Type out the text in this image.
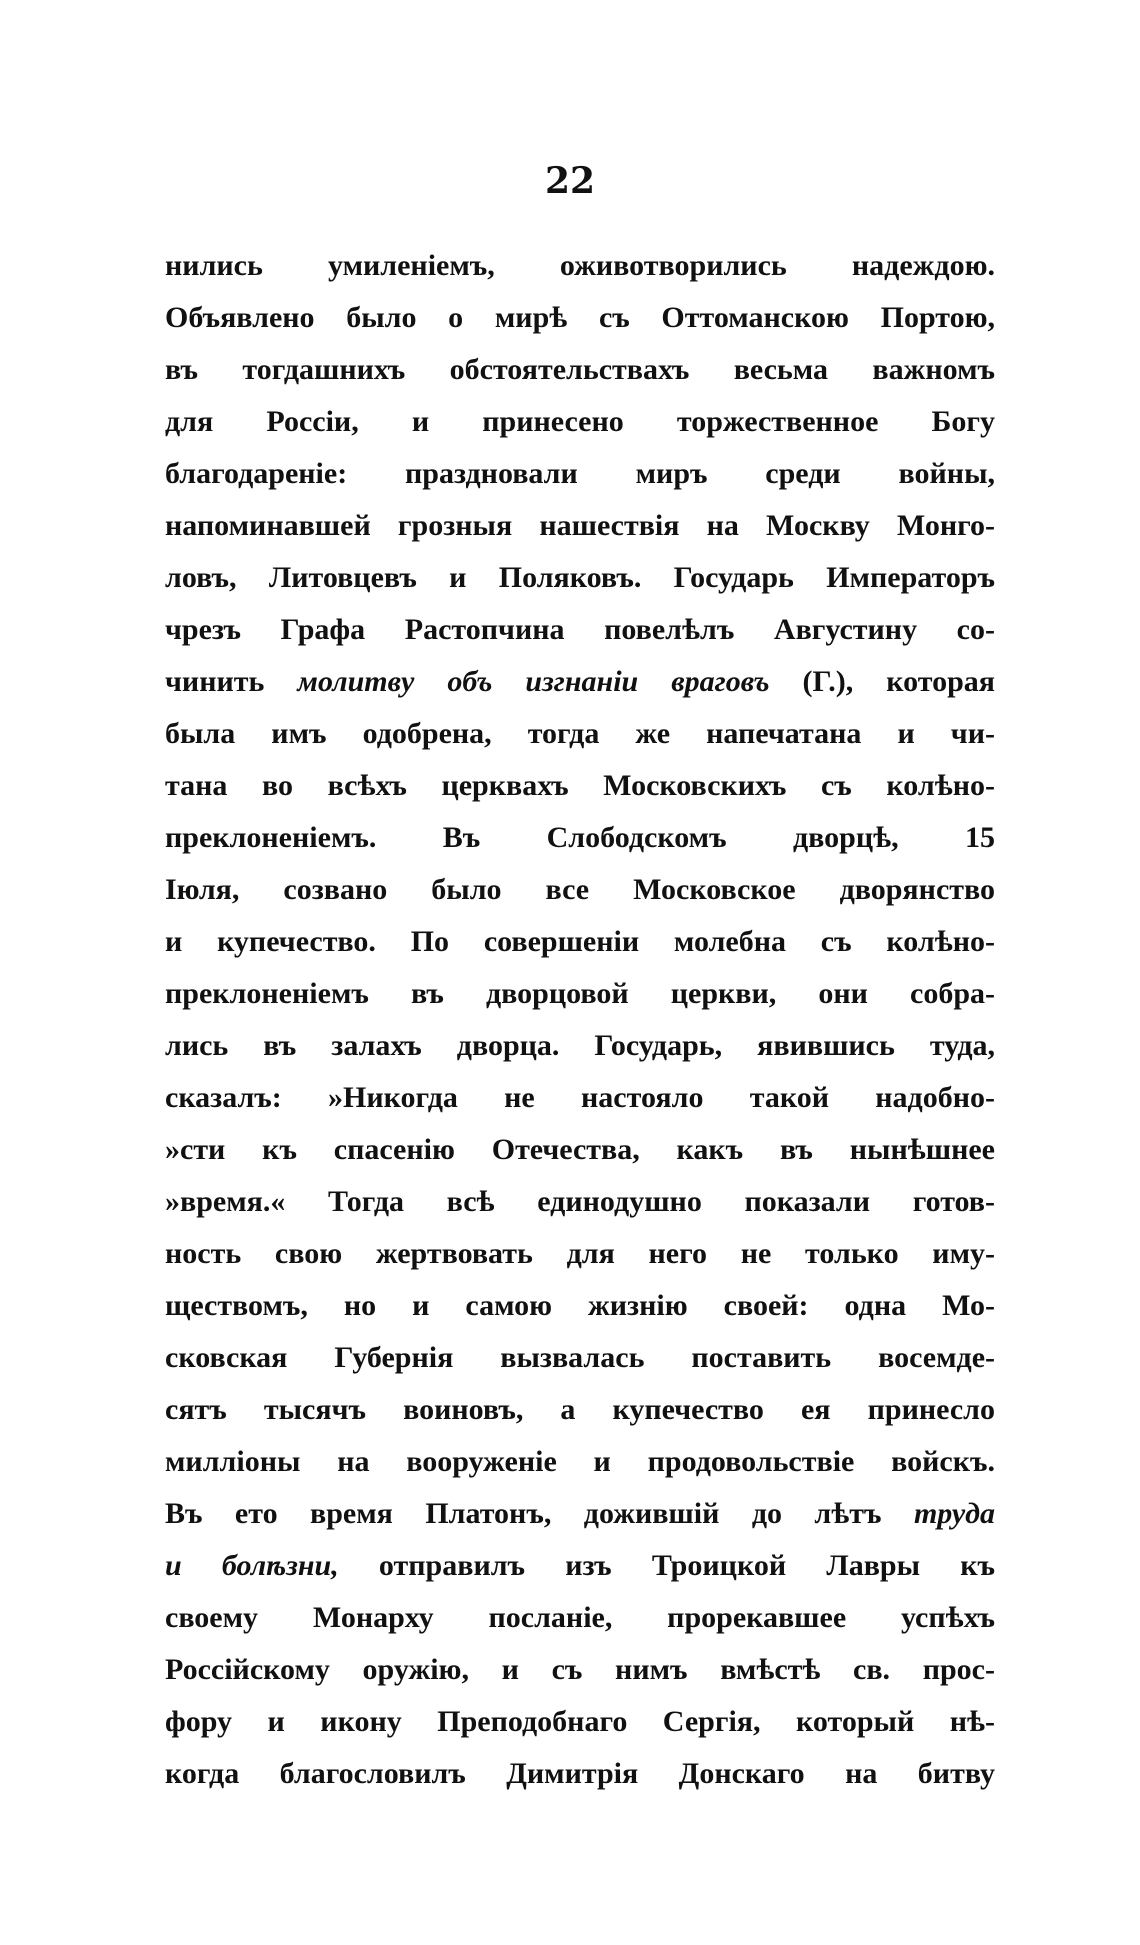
22
нились умиленіемъ, оживотворились надеждою.
Объявлено было о мирѣ съ Оттоманскою Портою,
въ тогдашнихъ обстоятельствахъ весьма важномъ
для Россіи, и принесено торжественное Богу
благодареніе: праздновали миръ среди войны,
напоминавшей грозныя нашествія на Москву Монго-
ловъ, Литовцевъ и Поляковъ. Государь Императоръ
чрезъ Графа Растопчина повелѣлъ Августину со-
чинить молитву объ изгнаніи враговъ (Г.), которая
была имъ одобрена, тогда же напечатана и чи-
тана во всѣхъ церквахъ Московскихъ съ колѣно-
преклоненіемъ. Въ Слободскомъ дворцѣ, 15
Іюля, созвано было все Московское дворянство
и купечество. По совершеніи молебна съ колѣно-
преклоненіемъ въ дворцовой церкви, они собра-
лись въ залахъ дворца. Государь, явившись туда,
сказалъ: »Никогда не настояло такой надобно-
»сти къ спасенію Отечества, какъ въ нынѣшнее
»время.« Тогда всѣ единодушно показали готов-
ность свою жертвовать для него не только иму-
ществомъ, но и самою жизнію своей: одна Мо-
сковская Губернія вызвалась поставить восемде-
сятъ тысячъ воиновъ, а купечество ея принесло
милліоны на вооруженіе и продовольствіе войскъ.
Въ ето время Платонъ, дожившій до лѣтъ труда
и болѣзни, отправилъ изъ Троицкой Лавры къ
своему Монарху посланіе, прорекавшее успѣхъ
Россійскому оружію, и съ нимъ вмѣстѣ св. прос-
фору и икону Преподобнаго Сергія, который нѣ-
когда благословилъ Димитрія Донскаго на битву
